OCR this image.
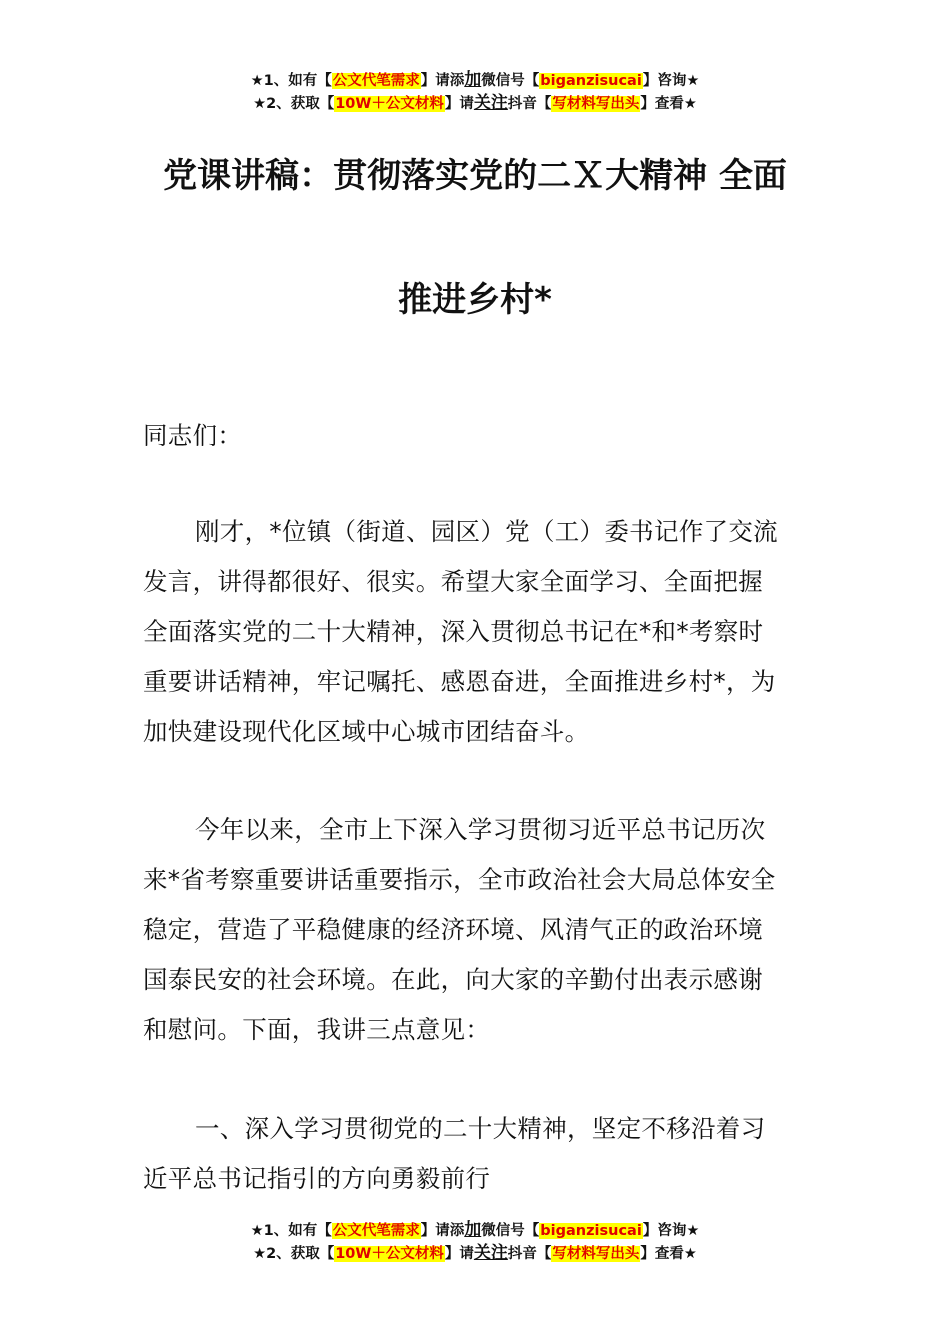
★1、如有【公文代笔需求】请添加微信号【biganzisucai】咨询★
★2、获取【10W＋公文材料】请关注抖音【写材料写出头】查看★
党课讲稿：贯彻落实党的二Ｘ大精神 全面
推进乡村*
同志们：
刚才，*位镇（街道、园区）党（工）委书记作了交流
发言，讲得都很好、很实。希望大家全面学习、全面把握
全面落实党的二十大精神，深入贯彻总书记在*和*考察时
重要讲话精神，牢记嘱托、感恩奋进，全面推进乡村*，为
加快建设现代化区域中心城市团结奋斗。
今年以来，全市上下深入学习贯彻习近平总书记历次
来*省考察重要讲话重要指示，全市政治社会大局总体安全
稳定，营造了平稳健康的经济环境、风清气正的政治环境
国泰民安的社会环境。在此，向大家的辛勤付出表示感谢
和慰问。下面，我讲三点意见：
一、深入学习贯彻党的二十大精神，坚定不移沿着习
近平总书记指引的方向勇毅前行
★1、如有【公文代笔需求】请添加微信号【biganzisucai】咨询★
★2、获取【10W＋公文材料】请关注抖音【写材料写出头】查看★
